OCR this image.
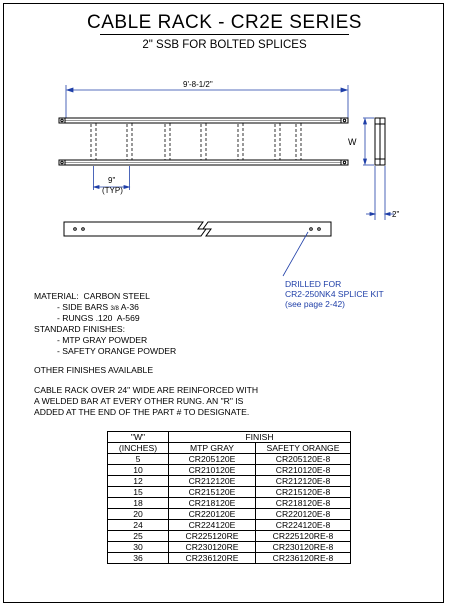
CABLE RACK - CR2E SERIES
2" SSB FOR BOLTED SPLICES
9'-8-1/2"
9"
(TYP)
W
2"
DRILLED FOR
CR2-250NK4 SPLICE KIT
(see page 2-42)
MATERIAL:  CARBON STEEL
- SIDE BARS 3/8 A-36
- RUNGS .120  A-569
STANDARD FINISHES:
- MTP GRAY POWDER
- SAFETY ORANGE POWDER
OTHER FINISHES AVAILABLE
CABLE RACK OVER 24" WIDE ARE REINFORCED WITH
A WELDED BAR AT EVERY OTHER RUNG. AN "R" IS
ADDED AT THE END OF THE PART # TO DESIGNATE.
"W"	FINISH	
(INCHES)	MTP GRAY	SAFETY ORANGE
5	CR205120E	CR205120E-8
10	CR210120E	CR210120E-8
12	CR212120E	CR212120E-8
15	CR215120E	CR215120E-8
18	CR218120E	CR218120E-8
20	CR220120E	CR220120E-8
24	CR224120E	CR224120E-8
25	CR225120RE	CR225120RE-8
30	CR230120RE	CR230120RE-8
36	CR236120RE	CR236120RE-8
